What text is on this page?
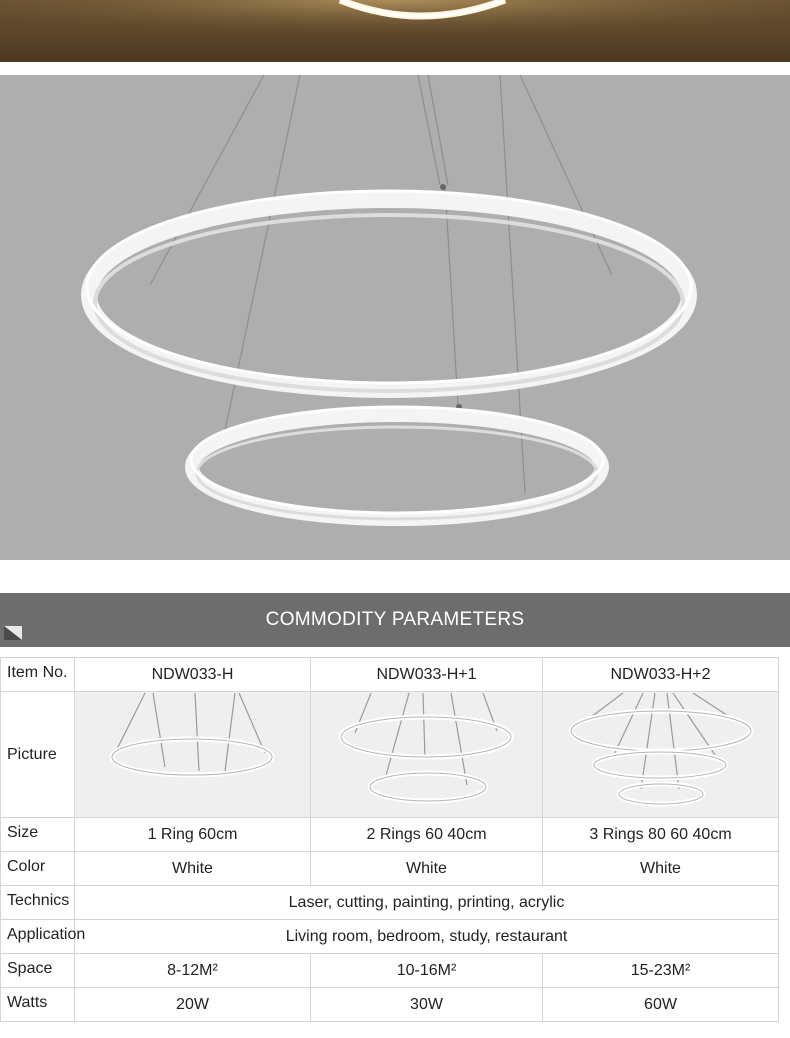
COMMODITY PARAMETERS
Item No.	NDW033-H	NDW033-H+1	NDW033-H+2
Picture	

Size	1 Ring 60cm	2 Rings 60 40cm	3 Rings 80 60 40cm
Color	White	White	White
Technics	Laser, cutting, painting, printing, acrylic		
Application	Living room, bedroom, study, restaurant		
Space	8-12M²	10-16M²	15-23M²
Watts	20W	30W	60W
